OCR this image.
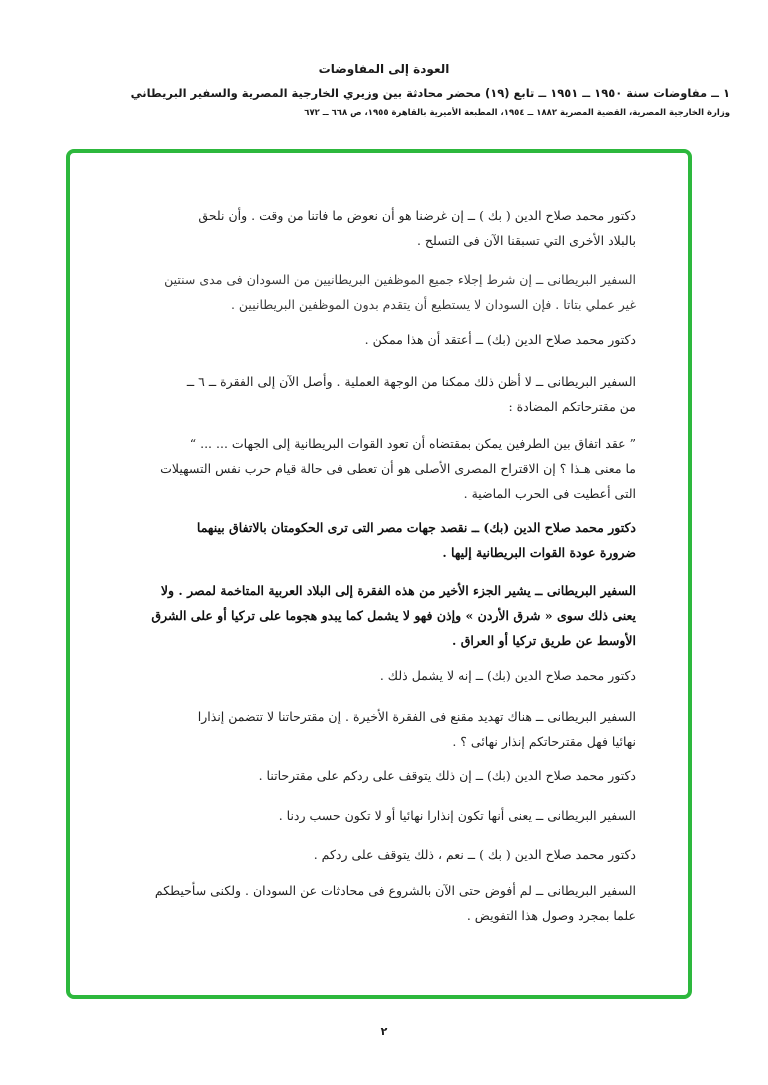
العودة إلى المفاوضات
١ ــ مفاوضات سنة ١٩٥٠ ــ ١٩٥١ ــ تابع (١٩) محضر محادثة بين وزيري الخارجية المصرية والسفير البريطاني
وزارة الخارجية المصرية، القضية المصرية ١٨٨٢ ــ ١٩٥٤، المطبعة الأميرية بالقاهرة ١٩٥٥، ص ٦٦٨ ــ ٦٧٢
دكتور محمد صلاح الدين ( بك ) ــ إن غرضنا هو أن نعوض ما فاتنا من وقت . وأن نلحق
بالبلاد الأخرى التي تسبقنا الآن فى التسلح .
السفير البريطانى ــ إن شرط إجلاء جميع الموظفين البريطانيين من السودان فى مدى سنتين
غير عملي بتاتا . فإن السودان لا يستطيع أن يتقدم بدون الموظفين البريطانيين .
دكتور محمد صلاح الدين (بك) ــ أعتقد أن هذا ممكن .
السفير البريطانى ــ لا أظن ذلك ممكنا من الوجهة العملية . وأصل الآن إلى الفقرة ــ ٦ ــ
من مقترحاتكم المضادة :
” عقد اتفاق بين الطرفين يمكن بمقتضاه أن تعود القوات البريطانية إلى الجهات ... ... “
ما معنى هـذا ؟ إن الاقتراح المصرى الأصلى هو أن تعطى فى حالة قيام حرب نفس التسهيلات
التى أعطيت فى الحرب الماضية .
دكتور محمد صلاح الدين (بك) ــ نقصد جهات مصر التى ترى الحكومتان بالاتفاق بينهما
ضرورة عودة القوات البريطانية إليها .
السفير البريطانى ــ يشير الجزء الأخير من هذه الفقرة إلى البلاد العربية المتاخمة لمصر . ولا
يعنى ذلك سوى « شرق الأردن » وإذن فهو لا يشمل كما يبدو هجوما على تركيا أو على الشرق
الأوسط عن طريق تركيا أو العراق .
دكتور محمد صلاح الدين (بك) ــ إنه لا يشمل ذلك .
السفير البريطانى ــ هناك تهديد مقنع فى الفقرة الأخيرة . إن مقترحاتنا لا تتضمن إنذارا
نهائيا فهل مقترحاتكم إنذار نهائى ؟ .
دكتور محمد صلاح الدين (بك) ــ إن ذلك يتوقف على ردكم على مقترحاتنا .
السفير البريطانى ــ يعنى أنها تكون إنذارا نهائيا أو لا تكون حسب ردنا .
دكتور محمد صلاح الدين ( بك ) ــ نعم ، ذلك يتوقف على ردكم .
السفير البريطانى ــ لم أفوض حتى الآن بالشروع فى محادثات عن السودان . ولكنى سأحيطكم
علما بمجرد وصول هذا التفويض .
٢
